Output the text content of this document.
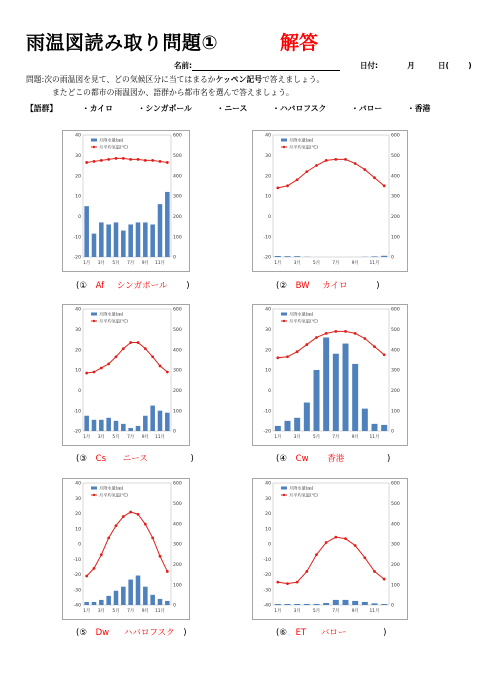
雨温図読み取り問題①	解答
名前:	日付:	月	日(	)
問題:次の雨温図を見て、どの気候区分に当てはまるかケッペン記号で答えましょう。
またどこの都市の雨温図か、語群から都市名を選んで答えましょう。
【語群】	・カイロ	・シンガポール	・ニース	・ハバロフスク	・バロー	・香港
40
30
20
10
0
-10
-20
600
500
400
300
200
100
0
1月 3月 5月 7月 9月 11月
月降水量(㎜)
月平均気温(℃)
(① Af シンガポール )
40
30
20
10
0
-10
-20
600
500
400
300
200
100
0
1月	3月	5月	7月	9月 11月
月降水量(㎜)
月平均気温(℃)
(② BW カイロ	)
40
30
20
10
0
-10
-20
600
500
400
300
200
100
0
1月 3月 5月 7月 9月 11月
月降水量(㎜)
月平均気温(℃)
(③ Cs ニース	)
40
30
20
10
0
-10
-20
600
500
400
300
200
100
0
1月	3月	5月	7月	9月 11月
月降水量(㎜)
月平均気温(℃)
(④ Cw 香港	)
40
30
20
10
0
-10
-20
-30
-40
600
500
400
300
200
100
0
1月 3月 5月 7月 9月 11月
月降水量(㎜)
月平均気温(℃)
(⑤ Dw ハバロフスク )
40
30
20
10
0
-10
-20
-30
-40
600
500
400
300
200
100
0
1月	3月	5月	7月	9月 11月
月降水量(㎜)
月平均気温(℃)
(⑥ ET バロー	)
